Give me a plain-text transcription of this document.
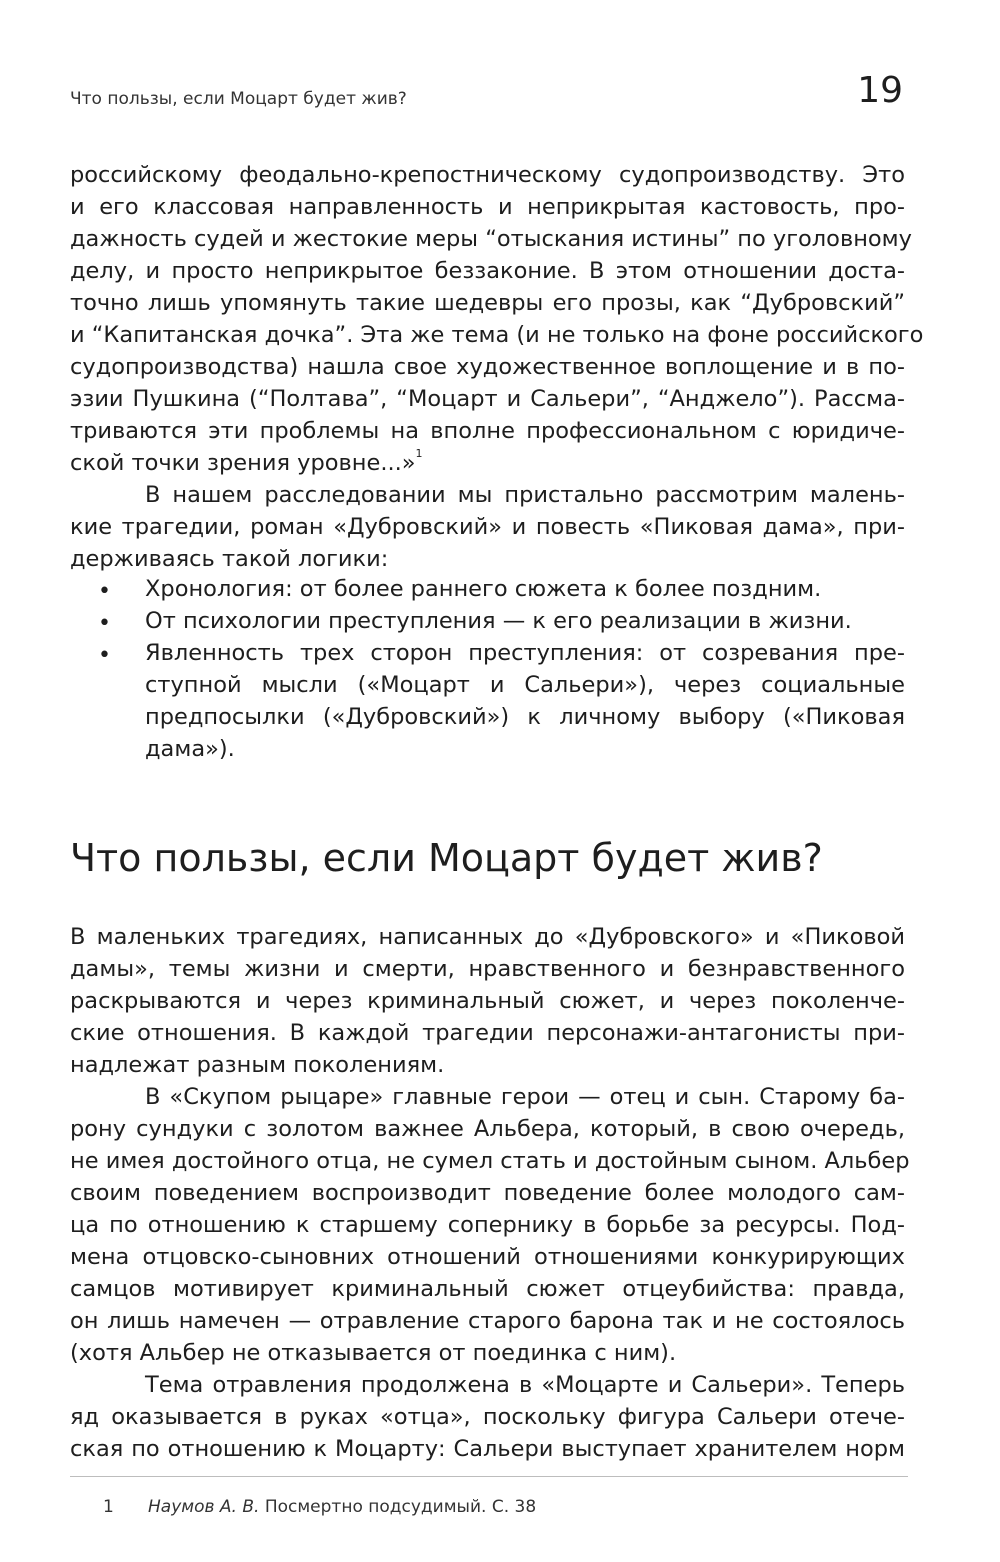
Что пользы, если Моцарт будет жив?	19
российскому феодально-крепостническому судопроизводству. Это
и его классовая направленность и неприкрытая кастовость, про-
дажность судей и жестокие меры “отыскания истины” по уголовному
делу, и просто неприкрытое беззаконие. В этом отношении доста-
точно лишь упомянуть такие шедевры его прозы, как “Дубровский”
и “Капитанская дочка”. Эта же тема (и не только на фоне российского
судопроизводства) нашла свое художественное воплощение и в по-
эзии Пушкина (“Полтава”, “Моцарт и Сальери”, “Анджело”). Рассма-
триваются эти проблемы на вполне профессиональном с юридиче-
ской точки зрения уровне...»$^1$
В нашем расследовании мы пристально рассмотрим малень-
кие трагедии, роман «Дубровский» и повесть «Пиковая дама», при-
держиваясь такой логики:
• Хронология: от более раннего сюжета к более поздним.
• От психологии преступления — к его реализации в жизни.
• Явленность трех сторон преступления: от созревания пре-
ступной мысли («Моцарт и Сальери»), через социальные
предпосылки («Дубровский») к личному выбору («Пиковая
дама»).
Что пользы, если Моцарт будет жив?
В маленьких трагедиях, написанных до «Дубровского» и «Пиковой
дамы», темы жизни и смерти, нравственного и безнравственного
раскрываются и через криминальный сюжет, и через поколенче-
ские отношения. В каждой трагедии персонажи-антагонисты при-
надлежат разным поколениям.
В «Скупом рыцаре» главные герои — отец и сын. Старому ба-
рону сундуки с золотом важнее Альбера, который, в свою очередь,
не имея достойного отца, не сумел стать и достойным сыном. Альбер
своим поведением воспроизводит поведение более молодого сам-
ца по отношению к старшему сопернику в борьбе за ресурсы. Под-
мена отцовско-сыновних отношений отношениями конкурирующих
самцов мотивирует криминальный сюжет отцеубийства: правда,
он лишь намечен — отравление старого барона так и не состоялось
(хотя Альбер не отказывается от поединка с ним).
Тема отравления продолжена в «Моцарте и Сальери». Теперь
яд оказывается в руках «отца», поскольку фигура Сальери отече-
ская по отношению к Моцарту: Сальери выступает хранителем норм
1 Наумов А. В. Посмертно подсудимый. С. 38
